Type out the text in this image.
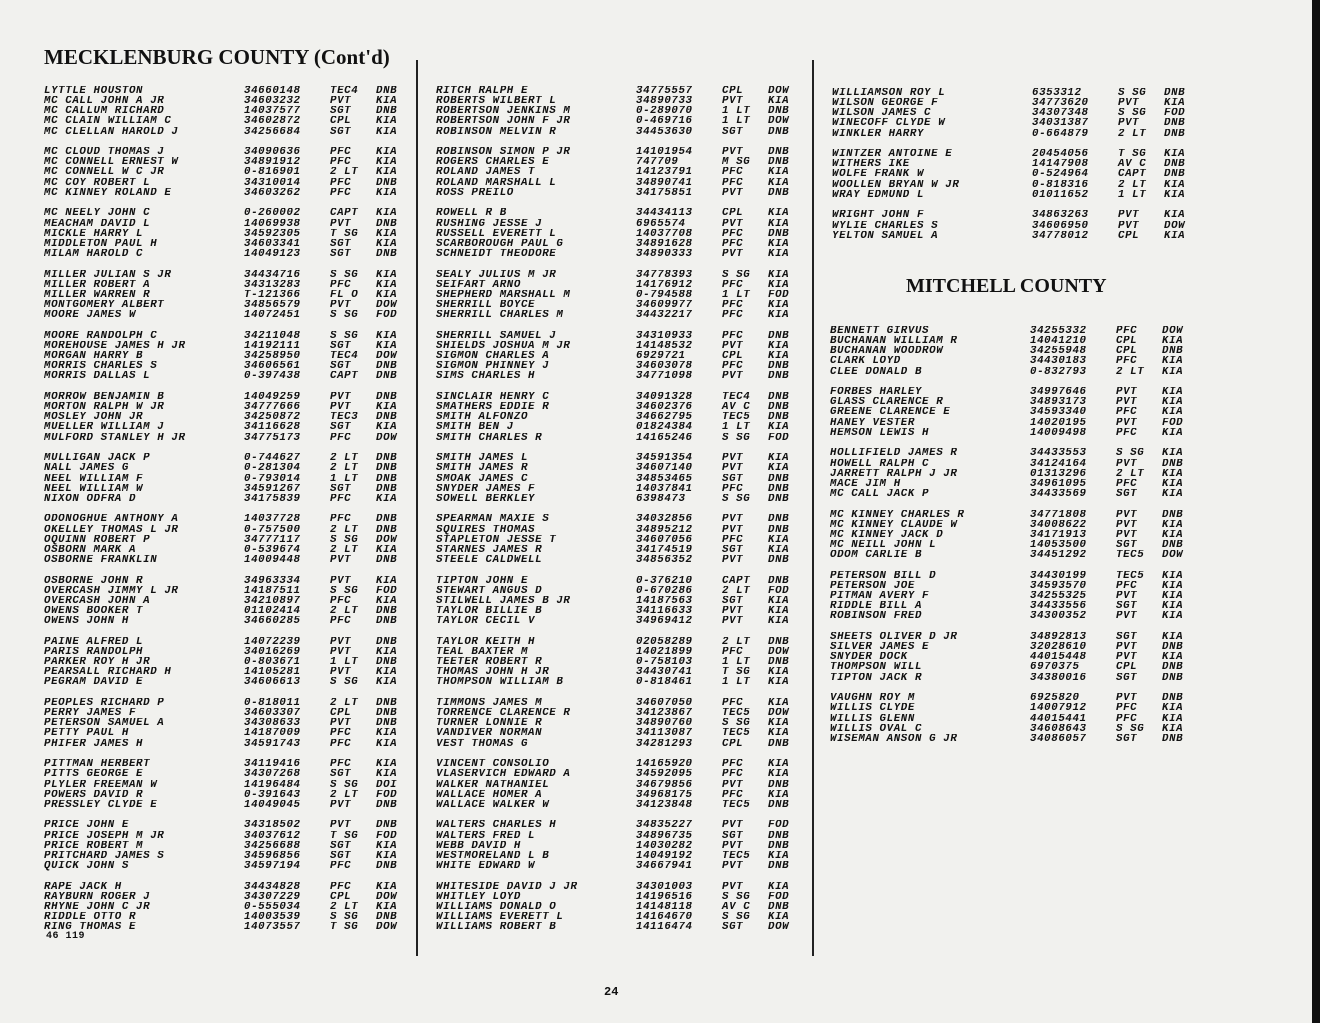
MECKLENBURG COUNTY (Cont'd)
LYTTLE HOUSTON	34660148	TEC4	DNB
MC CALL JOHN A JR	34603232	PVT	KIA
MC CALLUM RICHARD	14037577	SGT	DNB
MC CLAIN WILLIAM C	34602872	CPL	KIA
MC CLELLAN HAROLD J	34256684	SGT	KIA
MC CLOUD THOMAS J	34090636	PFC	KIA
MC CONNELL ERNEST W	34891912	PFC	KIA
MC CONNELL W C JR	0-816901	2 LT	KIA
MC COY ROBERT L	34310014	PFC	DNB
MC KINNEY ROLAND E	34603262	PFC	KIA
MC NEELY JOHN C	0-260002	CAPT	KIA
MEACHAM DAVID L	14069938	PVT	DNB
MICKLE HARRY L	34592305	T SG	KIA
MIDDLETON PAUL H	34603341	SGT	KIA
MILAM HAROLD C	14049123	SGT	DNB
MILLER JULIAN S JR	34434716	S SG	KIA
MILLER ROBERT A	34313283	PFC	KIA
MILLER WARREN R	T-121366	FL O	KIA
MONTGOMERY ALBERT	34856579	PVT	DOW
MOORE JAMES W	14072451	S SG	FOD
MOORE RANDOLPH C	34211048	S SG	KIA
MOREHOUSE JAMES H JR	14192111	SGT	KIA
MORGAN HARRY B	34258950	TEC4	DOW
MORRIS CHARLES S	34606561	SGT	DNB
MORRIS DALLAS L	0-397438	CAPT	DNB
MORROW BENJAMIN B	14049259	PVT	DNB
MORTON RALPH W JR	34777666	PVT	KIA
MOSLEY JOHN JR	34250872	TEC3	DNB
MUELLER WILLIAM J	34116628	SGT	KIA
MULFORD STANLEY H JR	34775173	PFC	DOW
MULLIGAN JACK P	0-744627	2 LT	DNB
NALL JAMES G	0-281304	2 LT	DNB
NEEL WILLIAM F	0-793014	1 LT	DNB
NEEL WILLIAM W	34591267	SGT	DNB
NIXON ODFRA D	34175839	PFC	KIA
ODONOGHUE ANTHONY A	14037728	PFC	DNB
OKELLEY THOMAS L JR	0-757500	2 LT	DNB
OQUINN ROBERT P	34777117	S SG	DOW
OSBORN MARK A	0-539674	2 LT	KIA
OSBORNE FRANKLIN	14009448	PVT	DNB
OSBORNE JOHN R	34963334	PVT	KIA
OVERCASH JIMMY L JR	14187511	S SG	FOD
OVERCASH JOHN A	34210897	PFC	KIA
OWENS BOOKER T	01102414	2 LT	DNB
OWENS JOHN H	34660285	PFC	DNB
PAINE ALFRED L	14072239	PVT	DNB
PARIS RANDOLPH	34016269	PVT	KIA
PARKER ROY H JR	0-803671	1 LT	DNB
PEARSALL RICHARD H	14105281	PVT	KIA
PEGRAM DAVID E	34606613	S SG	KIA
PEOPLES RICHARD P	0-818011	2 LT	DNB
PERRY JAMES F	34603307	CPL	DNB
PETERSON SAMUEL A	34308633	PVT	DNB
PETTY PAUL H	14187009	PFC	KIA
PHIFER JAMES H	34591743	PFC	KIA
PITTMAN HERBERT	34119416	PFC	KIA
PITTS GEORGE E	34307268	SGT	KIA
PLYLER FREEMAN W	14196484	S SG	DOI
POWERS DAVID R	0-391643	2 LT	FOD
PRESSLEY CLYDE E	14049045	PVT	DNB
PRICE JOHN E	34318502	PVT	DNB
PRICE JOSEPH M JR	34037612	T SG	FOD
PRICE ROBERT M	34256688	SGT	KIA
PRITCHARD JAMES S	34596856	SGT	KIA
QUICK JOHN S	34597194	PFC	DNB
RAPE JACK H	34434828	PFC	KIA
RAYBURN ROGER J	34307229	CPL	DOW
RHYNE JOHN C JR	0-555034	2 LT	KIA
RIDDLE OTTO R	14003539	S SG	DNB
RING THOMAS E	14073557	T SG	DOW
RITCH RALPH E	34775557	CPL	DOW
ROBERTS WILBERT L	34890733	PVT	KIA
ROBERTSON JENKINS M	0-289070	1 LT	DNB
ROBERTSON JOHN F JR	0-469716	1 LT	DOW
ROBINSON MELVIN R	34453630	SGT	DNB
ROBINSON SIMON P JR	14101954	PVT	DNB
ROGERS CHARLES E	747709	M SG	DNB
ROLAND JAMES T	14123791	PFC	KIA
ROLAND MARSHALL L	34890741	PFC	KIA
ROSS PREILO	34175851	PVT	DNB
ROWELL R B	34434113	CPL	KIA
RUSHING JESSE J	6965574	PVT	KIA
RUSSELL EVERETT L	14037708	PFC	DNB
SCARBOROUGH PAUL G	34891628	PFC	KIA
SCHNEIDT THEODORE	34890333	PVT	KIA
SEALY JULIUS M JR	34778393	S SG	KIA
SEIFART ARNO	14176912	PFC	KIA
SHEPHERD MARSHALL M	0-794588	1 LT	FOD
SHERRILL BOYCE	34609977	PFC	KIA
SHERRILL CHARLES M	34432217	PFC	KIA
SHERRILL SAMUEL J	34310933	PFC	DNB
SHIELDS JOSHUA M JR	14148532	PVT	KIA
SIGMON CHARLES A	6929721	CPL	KIA
SIGMON PHINNEY J	34603078	PFC	DNB
SIMS CHARLES H	34771098	PVT	DNB
SINCLAIR HENRY C	34091328	TEC4	DNB
SMATHERS EDDIE R	34602376	AV C	DNB
SMITH ALFONZO	34662795	TEC5	DNB
SMITH BEN J	01824384	1 LT	KIA
SMITH CHARLES R	14165246	S SG	FOD
SMITH JAMES L	34591354	PVT	KIA
SMITH JAMES R	34607140	PVT	KIA
SMOAK JAMES C	34853465	SGT	DNB
SNYDER JAMES F	14037841	PFC	DNB
SOWELL BERKLEY	6398473	S SG	DNB
SPEARMAN MAXIE S	34032856	PVT	DNB
SQUIRES THOMAS	34895212	PVT	DNB
STAPLETON JESSE T	34607056	PFC	KIA
STARNES JAMES R	34174519	SGT	KIA
STEELE CALDWELL	34856352	PVT	DNB
TIPTON JOHN E	0-376210	CAPT	DNB
STEWART ANGUS D	0-670286	2 LT	FOD
STILWELL JAMES B JR	14187563	SGT	KIA
TAYLOR BILLIE B	34116633	PVT	KIA
TAYLOR CECIL V	34969412	PVT	KIA
TAYLOR KEITH H	02058289	2 LT	DNB
TEAL BAXTER M	14021899	PFC	DOW
TEETER ROBERT R	0-758103	1 LT	DNB
THOMAS JOHN H JR	34430741	T SG	KIA
THOMPSON WILLIAM B	0-818461	1 LT	KIA
TIMMONS JAMES M	34607050	PFC	KIA
TORRENCE CLARENCE R	34123867	TEC5	DOW
TURNER LONNIE R	34890760	S SG	KIA
VANDIVER NORMAN	34113087	TEC5	KIA
VEST THOMAS G	34281293	CPL	DNB
VINCENT CONSOLIO	14165920	PFC	KIA
VLASERVICH EDWARD A	34592095	PFC	KIA
WALKER NATHANIEL	34679856	PVT	DNB
WALLACE HOMER A	34968175	PFC	KIA
WALLACE WALKER W	34123848	TEC5	DNB
WALTERS CHARLES H	34835227	PVT	FOD
WALTERS FRED L	34896735	SGT	DNB
WEBB DAVID H	14030282	PVT	DNB
WESTMORELAND L B	14049192	TEC5	KIA
WHITE EDWARD W	34667941	PVT	DNB
WHITESIDE DAVID J JR	34301003	PVT	KIA
WHITLEY LOYD	14196516	S SG	FOD
WILLIAMS DONALD O	14148118	AV C	DNB
WILLIAMS EVERETT L	14164670	S SG	KIA
WILLIAMS ROBERT B	14116474	SGT	DOW
WILLIAMSON ROY L	6353312	S SG	DNB
WILSON GEORGE F	34773620	PVT	KIA
WILSON JAMES C	34307348	S SG	FOD
WINECOFF CLYDE W	34031387	PVT	DNB
WINKLER HARRY	0-664879	2 LT	DNB
WINTZER ANTOINE E	20454056	T SG	KIA
WITHERS IKE	14147908	AV C	DNB
WOLFE FRANK W	0-524964	CAPT	DNB
WOOLLEN BRYAN W JR	0-818316	2 LT	KIA
WRAY EDMUND L	01011652	1 LT	KIA
WRIGHT JOHN F	34863263	PVT	KIA
WYLIE CHARLES S	34606950	PVT	DOW
YELTON SAMUEL A	34778012	CPL	KIA
MITCHELL COUNTY
BENNETT GIRVUS	34255332	PFC	DOW
BUCHANAN WILLIAM R	14041210	CPL	KIA
BUCHANAN WOODROW	34255948	CPL	DNB
CLARK LOYD	34430183	PFC	KIA
CLEE DONALD B	0-832793	2 LT	KIA
FORBES HARLEY	34997646	PVT	KIA
GLASS CLARENCE R	34893173	PVT	KIA
GREENE CLARENCE E	34593340	PFC	KIA
HANEY VESTER	14020195	PVT	FOD
HEMSON LEWIS H	14009498	PFC	KIA
HOLLIFIELD JAMES R	34433553	S SG	KIA
HOWELL RALPH C	34124164	PVT	DNB
JARRETT RALPH J JR	01313296	2 LT	KIA
MACE JIM H	34961095	PFC	KIA
MC CALL JACK P	34433569	SGT	KIA
MC KINNEY CHARLES R	34771808	PVT	DNB
MC KINNEY CLAUDE W	34008622	PVT	KIA
MC KINNEY JACK D	34171913	PVT	KIA
MC NEILL JOHN L	14053500	SGT	DNB
ODOM CARLIE B	34451292	TEC5	DOW
PETERSON BILL D	34430199	TEC5	KIA
PETERSON JOE	34593570	PFC	KIA
PITMAN AVERY F	34255325	PVT	KIA
RIDDLE BILL A	34433556	SGT	KIA
ROBINSON FRED	34300352	PVT	KIA
SHEETS OLIVER D JR	34892813	SGT	KIA
SILVER JAMES E	32028610	PVT	DNB
SNYDER DOCK	44015448	PVT	KIA
THOMPSON WILL	6970375	CPL	DNB
TIPTON JACK R	34380016	SGT	DNB
VAUGHN ROY M	6925820	PVT	DNB
WILLIS CLYDE	14007912	PFC	KIA
WILLIS GLENN	44015441	PFC	KIA
WILLIS OVAL C	34608643	S SG	KIA
WISEMAN ANSON G JR	34086057	SGT	DNB
46 119
24
